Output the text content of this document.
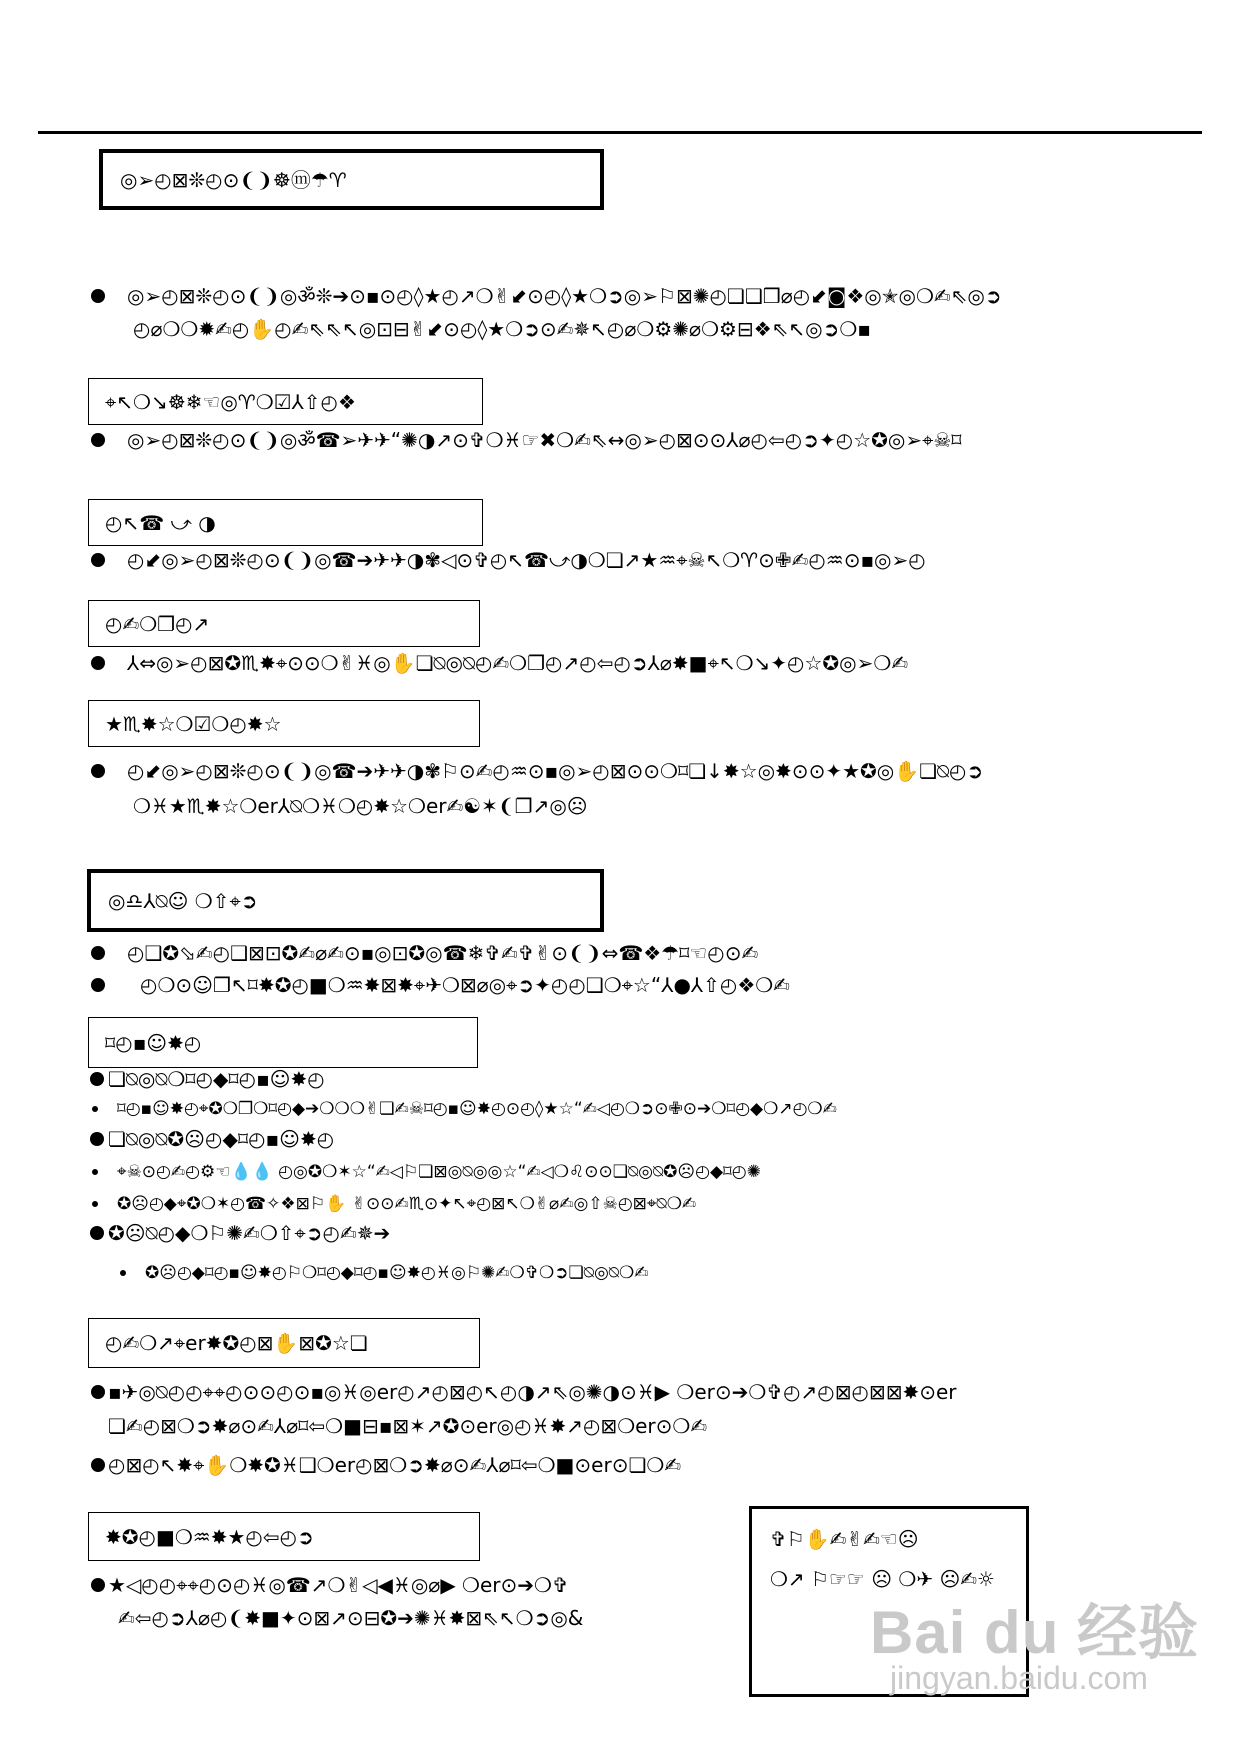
◎➢◴⊠❊◴⊙❨❩☸ⓜ☂♈
◎➢◴⊠❊◴⊙❨❩◎ॐ❊➔⊙▪⊙◴◊★◴↗❍✌⬋⊙◴◊★❍➲◎➢⚐⊠✺◴❏❑❒⌀◴⬋◙❖◎✭◎❍✍⇖◎➲
◴⌀❍❍✹✍◴✋◴✍⇖⇖↖◎⊡⊟✌⬋⊙◴◊★❍➲⊙✍✵↖◴⌀❍⚙✺⌀❍⚙⊟❖⇖↖◎➲❍▪
⌖↖❍↘☸❄☜◎♈❍☑⅄⇧◴❖
◎➢◴⊠❊◴⊙❨❩◎ॐ☎➢✈✈“✺◑↗⊙✞❍♓☞✖❍✍⇖↔◎➢◴⊠⊙⊙⅄⌀◴⇦◴➲✦◴☆✪◎➢⌖☠⌑
◴↖☎ ⤻ ◑
◴⬋◎➢◴⊠❊◴⊙❨❩◎☎➔✈✈◑✾◁⊙✞◴↖☎⤻◑❍❏↗★♒⌖☠↖❍♈⊙✙✍◴♒⊙▪◎➢◴
◴✍❍❐◴↗
⅄⇔◎➢◴⊠✪♏✸⌖⊙⊙❍✌♓◎✋❏⍉◎⍉◴✍❍❐◴↗◴⇦◴➲⅄⌀✸■⌖↖❍↘✦◴☆✪◎➢❍✍
★♏✸☆❍☑❍◴✸☆
◴⬋◎➢◴⊠❊◴⊙❨❩◎☎➔✈✈◑✾⚐⊙✍◴♒⊙▪◎➢◴⊠⊙⊙❍⌑❏↓✸☆◎✸⊙⊙✦★✪◎✋❏⍉◴➲
❍♓★♏✸☆❍er⅄⍉❍♓❍◴✸☆❍er✍☯✶❨❐↗◎☹
◎♎⅄⍉☺ ❍⇧⌖➲
◴❑✪⬂✍◴❑⊠⊡✪✍⌀✍⊙▪◎⊡✪◎☎❄✞✍✞✌⊙❨❩⇔☎❖☂⌑☜◴⊙✍
◴❍⊙☺❐↖⌑✸✪◴■❍♒✸⊠✸⌖✈❍⊠⌀◎⌖➲✦◴◴❑❍⌖☆“⅄●⅄⇧◴❖❍✍
⌑◴▪☺✸◴
❏⍉◎⍉❍⌑◴◆⌑◴▪☺✸◴
⌑◴▪☺✸◴⌖✪❍❐❍⌑◴◆➔❍❍❍✌❏✍☠⌑◴▪☺✸◴⊙◴◊★☆“✍◁◴❍➲⊙✙⊙➔❍⌑◴◆❍↗◴❍✍
❏⍉◎⍉✪☹◴◆⌑◴▪☺✸◴
⌖☠⊙◴✍◴⚙☜💧💧 ◴◎✪❍✶☆“✍◁⚐❏⊠◎⍉◎◎☆“✍◁❍♌⊙⊙❏⍉◎⍉✪☹◴◆⌑◴✺
✪☹◴◆⌖✪❍✶◴☎✧❖⊠⚐✋ ✌⊙⊙✍♏⊙✦↖⌖◴⊠↖❍✌⌀✍◎⇧☠◴⊠⌖⍉❍✍
✪☹⍉◴◆❍⚐✺✍❍⇧⌖➲◴✍✵➔
✪☹◴◆⌑◴▪☺✸◴⚐❍⌑◴◆⌑◴▪☺✸◴♓◎⚐✺✍❍✞❍➲❏⍉◎⍉❍✍
◴✍❍↗⌖er✸✪◴⊠✋⊠✪☆❏
▪✈◎⍉◴◴⌖⌖◴⊙⊙◴⊙▪◎♓◎er◴↗◴⊠◴↖◴◑↗⇖◎✺◑⊙♓▶ ❍er⊙➔❍✞◴↗◴⊠◴⊠⊠✸⊙er
❏✍◴⊠❍➲✸⌀⊙✍⅄⌀⌑⇦❍■⊟▪⊠✶↗✪⊙er◎◴♓✸↗◴⊠❍er⊙❍✍
◴⊠◴↖✸⌖✋❍✸✪♓❑❍er◴⊠❍➲✸⌀⊙✍⅄⌀⌑⇦❍■⊙er⊙❏❍✍
✸✪◴■❍♒✸★◴⇦◴➲
★◁◴◴⌖⌖◴⊙◴♓◎☎↗❍✌◁◀♓◎⌀▶ ❍er⊙➔❍✞
✍⇦◴➲⅄⌀◴❨✸■✦⊙⊠↗⊙⊟✪➔✺♓✸⊠⇖↖❍➲◎&
✞⚐✋✍✌✍☜☹
❍↗ ⚐☞☞ ☹ ❍✈ ☹✍☼
Bai du 经验
jingyan.baidu.com
